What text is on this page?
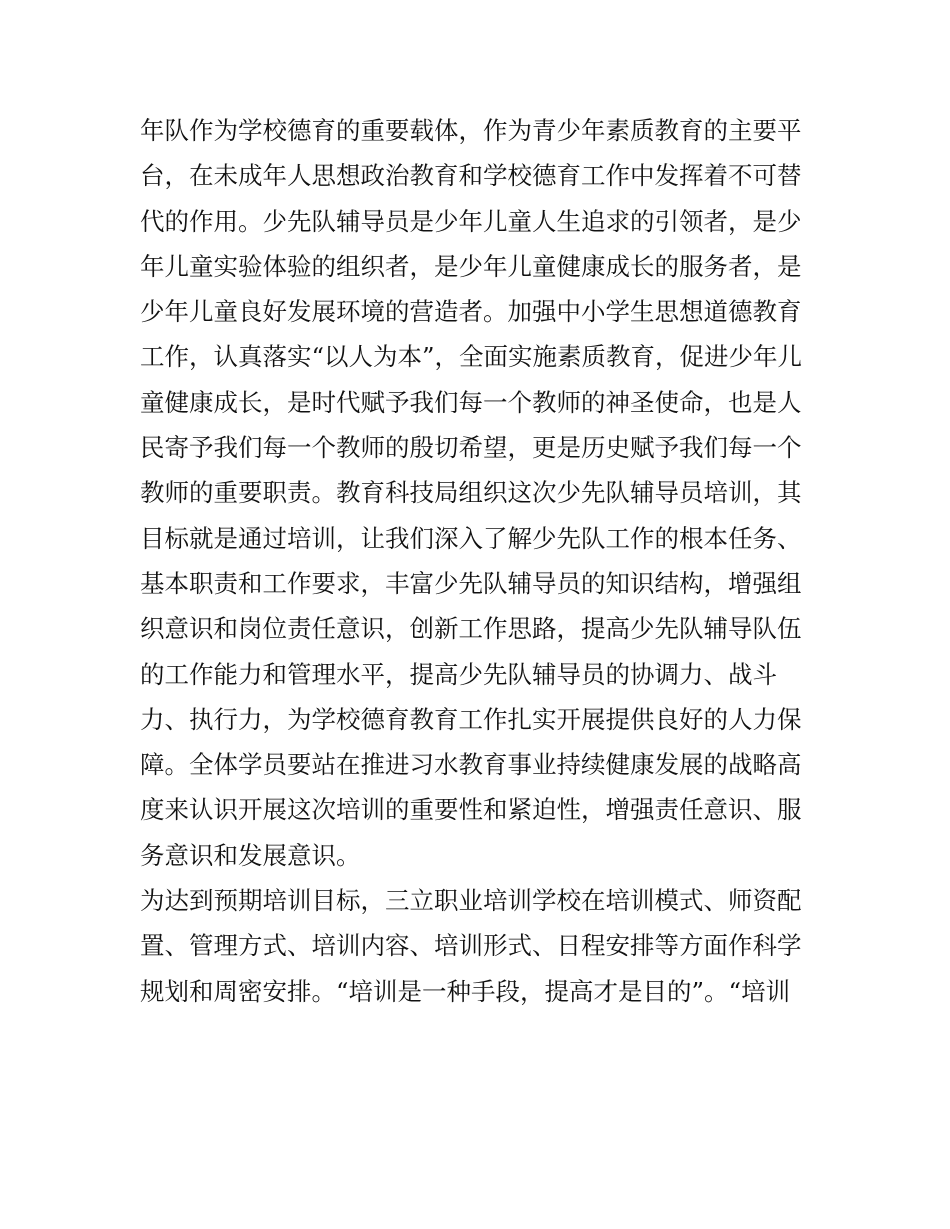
年队作为学校德育的重要载体，作为青少年素质教育的主要平
台，在未成年人思想政治教育和学校德育工作中发挥着不可替
代的作用。少先队辅导员是少年儿童人生追求的引领者，是少
年儿童实验体验的组织者，是少年儿童健康成长的服务者，是
少年儿童良好发展环境的营造者。加强中小学生思想道德教育
工作，认真落实“以人为本”，全面实施素质教育，促进少年儿
童健康成长，是时代赋予我们每一个教师的神圣使命，也是人
民寄予我们每一个教师的殷切希望，更是历史赋予我们每一个
教师的重要职责。教育科技局组织这次少先队辅导员培训，其
目标就是通过培训，让我们深入了解少先队工作的根本任务、
基本职责和工作要求，丰富少先队辅导员的知识结构，增强组
织意识和岗位责任意识，创新工作思路，提高少先队辅导队伍
的工作能力和管理水平，提高少先队辅导员的协调力、战斗
力、执行力，为学校德育教育工作扎实开展提供良好的人力保
障。全体学员要站在推进习水教育事业持续健康发展的战略高
度来认识开展这次培训的重要性和紧迫性，增强责任意识、服
务意识和发展意识。
为达到预期培训目标，三立职业培训学校在培训模式、师资配
置、管理方式、培训内容、培训形式、日程安排等方面作科学
规划和周密安排。“培训是一种手段，提高才是目的”。“培训
